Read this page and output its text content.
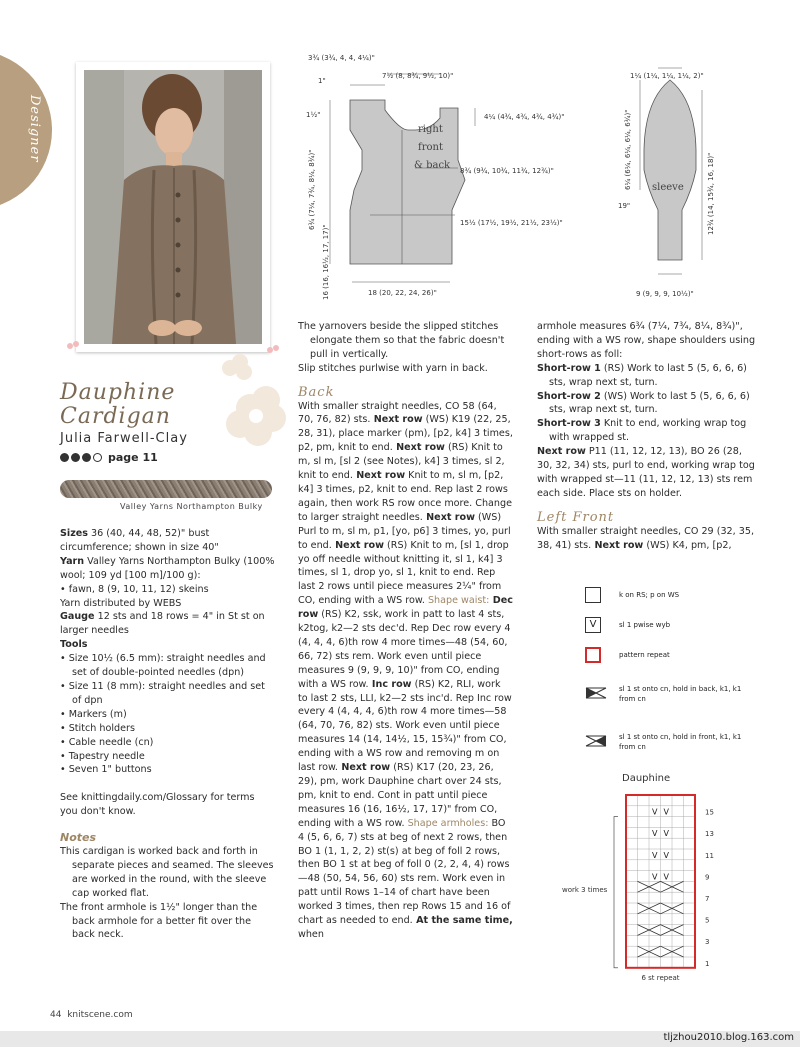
Designer
Dauphine
Cardigan
Julia Farwell-Clay
page 11
Valley Yarns Northampton Bulky
3¾ (3¾, 4, 4, 4¼)"
7½ (8, 8¾, 9½, 10)"
1"
1½"	4¼ (4¾, 4¾, 4¾, 4¾)"
8¾ (9¾, 10¾, 11¾, 12¾)"
15½ (17½, 19½, 21½, 23½)"
18 (20, 22, 24, 26)"
6¾ (7¼, 7¾, 8¼, 8¾)"
16 (16, 16½, 17, 17)"
right
front
& back
1¼ (1¼, 1¼, 1¼, 2)"
6¼ (6¼, 6¼, 6¼, 6¾)"
12¾ (14, 15¾, 16, 18)"
19"
sleeve
9 (9, 9, 9, 10½)"

Sizes 36 (40, 44, 48, 52)" bust circumference; shown in size 40"

Yarn Valley Yarns Northampton Bulky (100% wool; 109 yd [100 m]/100 g):

• fawn, 8 (9, 10, 11, 12) skeins

Yarn distributed by WEBS

Gauge 12 sts and 18 rows = 4" in St st on larger needles

Tools

• Size 10½ (6.5 mm): straight needles and set of double-pointed needles (dpn)

• Size 11 (8 mm): straight needles and set of dpn

• Markers (m)

• Stitch holders

• Cable needle (cn)

• Tapestry needle

• Seven 1" buttons

See knittingdaily.com/Glossary for terms you don't know.

Notes

This cardigan is worked back and forth in separate pieces and seamed. The sleeves are worked in the round, with the sleeve cap worked flat.

The front armhole is 1½" longer than the back armhole for a better fit over the back neck.

The yarnovers beside the slipped stitches elongate them so that the fabric doesn't pull in vertically.

Slip stitches purlwise with yarn in back.

Back

With smaller straight needles, CO 58 (64, 70, 76, 82) sts. Next row (WS) K19 (22, 25, 28, 31), place marker (pm), [p2, k4] 3 times, p2, pm, knit to end. Next row (RS) Knit to m, sl m, [sl 2 (see Notes), k4] 3 times, sl 2, knit to end. Next row Knit to m, sl m, [p2, k4] 3 times, p2, knit to end. Rep last 2 rows again, then work RS row once more. Change to larger straight needles. Next row (WS) Purl to m, sl m, p1, [yo, p6] 3 times, yo, purl to end. Next row (RS) Knit to m, [sl 1, drop yo off needle without knitting it, sl 1, k4] 3 times, sl 1, drop yo, sl 1, knit to end. Rep last 2 rows until piece measures 2¼" from CO, ending with a WS row. Shape waist: Dec row (RS) K2, ssk, work in patt to last 4 sts, k2tog, k2—2 sts dec'd. Rep Dec row every 4 (4, 4, 4, 6)th row 4 more times—48 (54, 60, 66, 72) sts rem. Work even until piece measures 9 (9, 9, 9, 10)" from CO, ending with a WS row. Inc row (RS) K2, RLI, work to last 2 sts, LLI, k2—2 sts inc'd. Rep Inc row every 4 (4, 4, 4, 6)th row 4 more times—58 (64, 70, 76, 82) sts. Work even until piece measures 14 (14, 14½, 15, 15¾)" from CO, ending with a WS row and removing m on last row. Next row (RS) K17 (20, 23, 26, 29), pm, work Dauphine chart over 24 sts, pm, knit to end. Cont in patt until piece measures 16 (16, 16½, 17, 17)" from CO, ending with a WS row. Shape armholes: BO 4 (5, 6, 6, 7) sts at beg of next 2 rows, then BO 1 (1, 1, 2, 2) st(s) at beg of foll 2 rows, then BO 1 st at beg of foll 0 (2, 2, 4, 4) rows—48 (50, 54, 56, 60) sts rem. Work even in patt until Rows 1–14 of chart have been worked 3 times, then rep Rows 15 and 16 of chart as needed to end. At the same time, when

armhole measures 6¾ (7¼, 7¾, 8¼, 8¾)", ending with a WS row, shape shoulders using short-rows as foll:

Short-row 1 (RS) Work to last 5 (5, 6, 6, 6) sts, wrap next st, turn.

Short-row 2 (WS) Work to last 5 (5, 6, 6, 6) sts, wrap next st, turn.

Short-row 3 Knit to end, working wrap tog with wrapped st.

Next row P11 (11, 12, 12, 13), BO 26 (28, 30, 32, 34) sts, purl to end, working wrap tog with wrapped st—11 (11, 12, 12, 13) sts rem each side. Place sts on holder.

Left Front

With smaller straight needles, CO 29 (32, 35, 38, 41) sts. Next row (WS) K4, pm, [p2,

k on RS; p on WS
V	sl 1 pwise wyb
pattern repeat
sl 1 st onto cn, hold in back, k1, k1 from cn
sl 1 st onto cn, hold in front, k1, k1 from cn
Dauphine
V V
V V
V V
V V
15
13
11
9
7
5
3
1
work 3 times
6 st repeat
44 knitscene.com
tljzhou2010.blog.163.com
